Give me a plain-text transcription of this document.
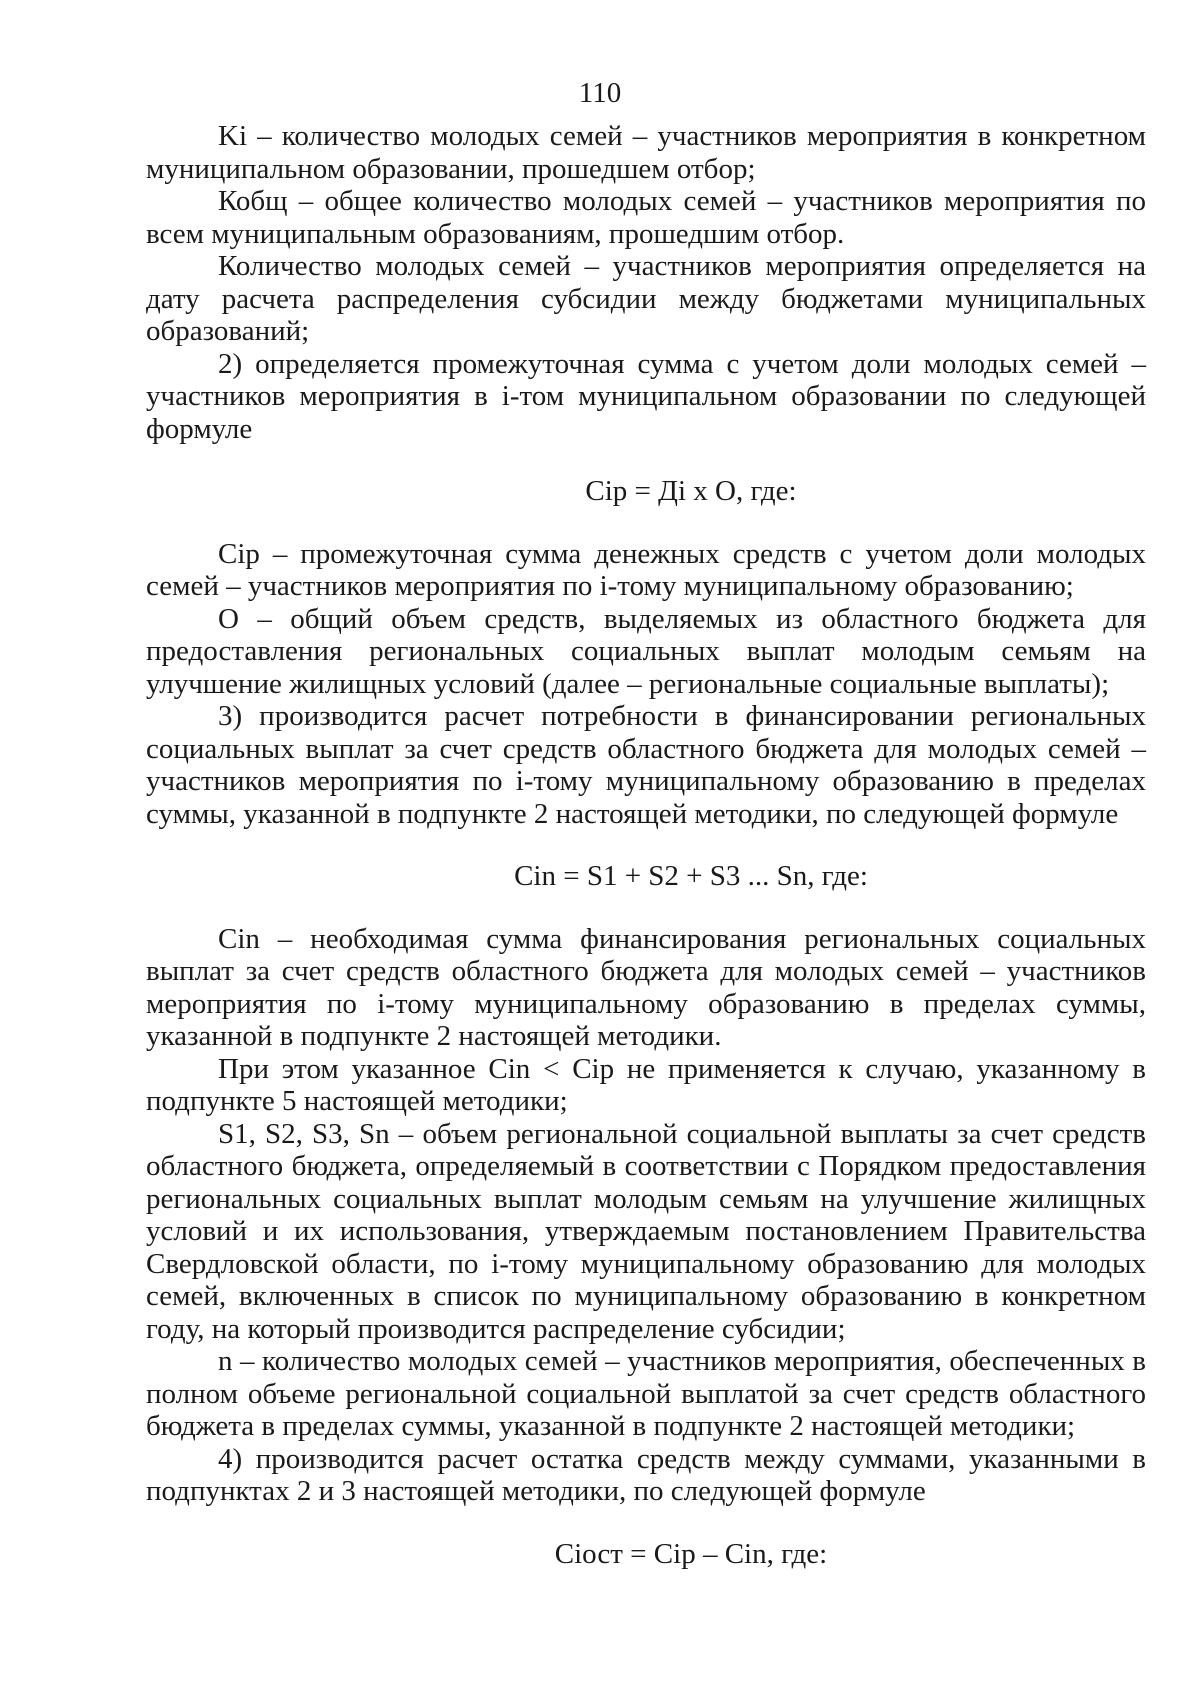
110

Ki – количество молодых семей – участников мероприятия в конкретном муниципальном образовании, прошедшем отбор;

Кобщ – общее количество молодых семей – участников мероприятия по всем муниципальным образованиям, прошедшим отбор.

Количество молодых семей – участников мероприятия определяется на дату расчета распределения субсидии между бюджетами муниципальных образований;

2) определяется промежуточная сумма с учетом доли молодых семей – участников мероприятия в i-том муниципальном образовании по следующей формуле

Ciр = Дi x О, где:

Ciр – промежуточная сумма денежных средств с учетом доли молодых семей – участников мероприятия по i-тому муниципальному образованию;

О – общий объем средств, выделяемых из областного бюджета для предоставления региональных социальных выплат молодым семьям на улучшение жилищных условий (далее – региональные социальные выплаты);

3) производится расчет потребности в финансировании региональных социальных выплат за счет средств областного бюджета для молодых семей – участников мероприятия по i-тому муниципальному образованию в пределах суммы, указанной в подпункте 2 настоящей методики, по следующей формуле

Cin = S1 + S2 + S3 ... Sn, где:

Cin – необходимая сумма финансирования региональных социальных выплат за счет средств областного бюджета для молодых семей – участников мероприятия по i-тому муниципальному образованию в пределах суммы, указанной в подпункте 2 настоящей методики.

При этом указанное Cin < Ciр не применяется к случаю, указанному в подпункте 5 настоящей методики;

S1, S2, S3, Sn – объем региональной социальной выплаты за счет средств областного бюджета, определяемый в соответствии с Порядком предоставления региональных социальных выплат молодым семьям на улучшение жилищных условий и их использования, утверждаемым постановлением Правительства Свердловской области, по i-тому муниципальному образованию для молодых семей, включенных в список по муниципальному образованию в конкретном году, на который производится распределение субсидии;

n – количество молодых семей – участников мероприятия, обеспеченных в полном объеме региональной социальной выплатой за счет средств областного бюджета в пределах суммы, указанной в подпункте 2 настоящей методики;

4) производится расчет остатка средств между суммами, указанными в подпунктах 2 и 3 настоящей методики, по следующей формуле

Ciост = Ciр – Cin, где:
